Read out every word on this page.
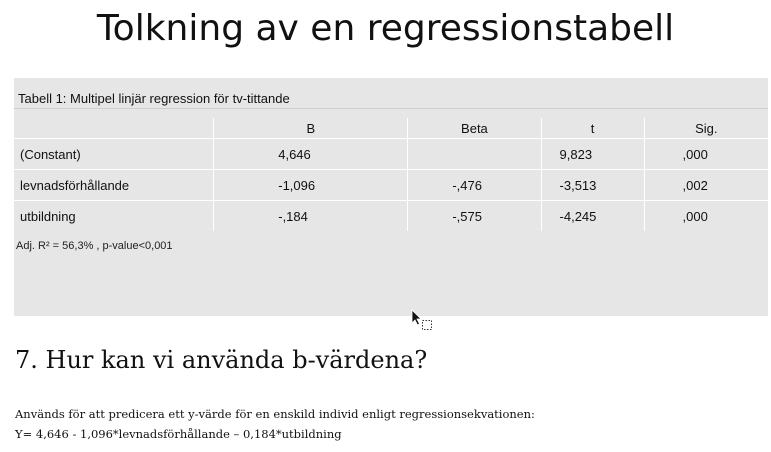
Tolkning av en regressionstabell
Tabell 1: Multipel linjär regression för tv-tittande
	B	Beta	t	Sig.
(Constant)	4,646		9,823	,000
levnadsförhållande	-1,096	-,476	-3,513	,002
utbildning	-,184	-,575	-4,245	,000
Adj. R² = 56,3% , p-value<0,001
7. Hur kan vi använda b-värdena?
Används för att predicera ett y-värde för en enskild individ enligt regressionsekvationen:
Y= 4,646 - 1,096*levnadsförhållande – 0,184*utbildning
